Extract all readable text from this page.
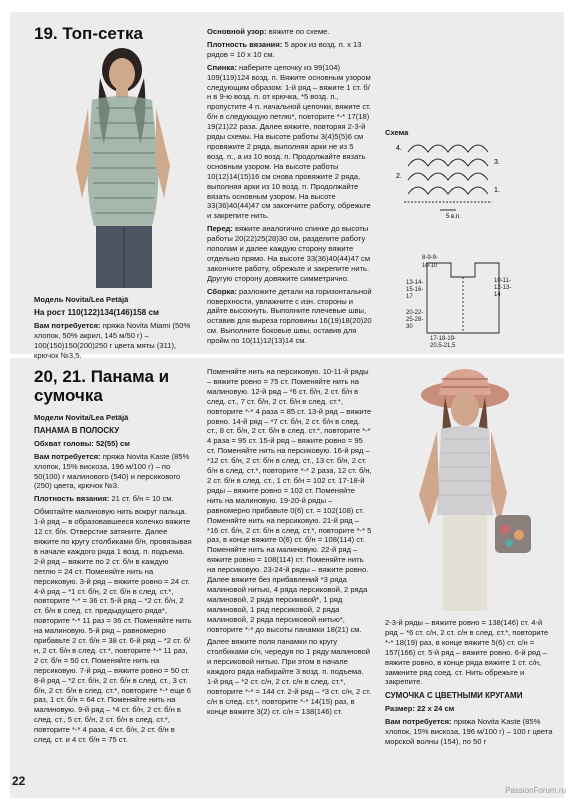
19. Топ-сетка

Модель Novita/Lea Petäjä

На рост 110(122)134(146)158 см

Вам потребуется: пряжа Novita Miami (50% хлопок, 50% акрил, 145 м/50 г) – 100(150)150(200)250 г цвета мяты (311), крючок №3,5.

Основной узор: вяжите по схеме.

Плотность вязания: 5 арок из возд. п. х 13 рядов = 10 х 10 см.

Спинка: наберите цепочку из 99(104) 109(119)124 возд. п. Вяжите основным узором следующим образом: 1-й ряд – вяжите 1 ст. б/н в 9-ю возд. п. от крючка, *5 возд. п., пропустите 4 п. начальной цепочки, вяжите ст. б/н в следующую петлю*, повторите *-* 17(18) 19(21)22 раза. Далее вяжите, повторяя 2-3-й ряды схемы. На высоте работы 3(4)5(5)6 см провяжите 2 ряда, выполняя арки не из 5 возд. п., а из 10 возд. п. Продолжайте вязать основным узором. На высоте работы 10(12)14(15)16 см снова провяжите 2 ряда, выполняя арки из 10 возд. п. Продолжайте вязать основным узором. На высоте 33(36)40(44)47 см закончите работу, обрежьте и закрепите нить.

Перед: вяжите аналогично спинке до высоты работы 20(22)25(28)30 см, разделите работу пополам и далее каждую сторону вяжите отдельно прямо. На высоте 33(36)40(44)47 см закончите работу, обрежьте и закрепите нить. Другую сторону довяжите симметрично.

Сборка: разложите детали на горизонтальной поверхности, увлажните с изн. стороны и дайте высохнуть. Выполните плечевые швы, оставив для выреза горловины 16(19)18(20)20 см. Выполните боковые швы, оставив для пройм по 10(11)12(13)14 см.

Схема

4.
3.
2.
1.
5 в.п.
8-9-9-
10-10
13-14-
15-16-
17
10-11-
12-13-
14
20-22-
25-28-
30
17-18-19-
20,5-21,5
20, 21. Панама и сумочка

Модели Novita/Lea Petäjä

ПАНАМА В ПОЛОСКУ

Обхват головы: 52(55) см

Вам потребуется: пряжа Novita Kaste (85% хлопок, 15% вискоза, 196 м/100 г) – по 50(100) г малинового (540) и персикового (250) цвета, крючок №3.

Плотность вязания: 21 ст. б/н = 10 см.

Обмотайте малиновую нить вокруг пальца. 1-й ряд – в образовавшееся колечко вяжите 12 ст. б/н. Отверстие затяните. Далее вяжите по кругу столбиками б/н, провязывая в начале каждого ряда 1 возд. п. подъема. 2-й ряд – вяжите по 2 ст. б/н в каждую петлю = 24 ст. Поменяйте нить на персиковую. 3-й ряд – вяжите ровно = 24 ст. 4-й ряд – *1 ст. б/н, 2 ст. б/н в след. ст.*, повторите *-* = 36 ст. 5-й ряд – *2 ст. б/н, 2 ст. б/н в след. ст. предыдущего ряда*, повторите *-* 11 раз = 36 ст. Поменяйте нить на малиновую. 5-й ряд – равномерно прибавьте 2 ст. б/н = 38 ст. 6-й ряд – *2 ст. б/н, 2 ст. б/н в след. ст.*, повторите *-* 11 раз, 2 ст. б/н = 50 ст. Поменяйте нить на персиковую. 7-й ряд – вяжите ровно = 50 ст. 8-й ряд – *2 ст. б/н, 2 ст. б/н в след. ст., 3 ст. б/н, 2 ст. б/н в след. ст.*, повторите *-* еще 6 раз, 1 ст. б/н = 64 ст. Поменяйте нить на малиновую. 9-й ряд – *4 ст. б/н, 2 ст. б/н в след. ст., 5 ст. б/н, 2 ст. б/н в след. ст.*, повторите *-* 4 раза, 4 ст. б/н, 2 ст. б/н в след. ст. и 4 ст. б/н = 75 ст.

Поменяйте нить на персиковую. 10-11-й ряды – вяжите ровно = 75 ст. Поменяйте нить на малиновую. 12-й ряд – *6 ст. б/н, 2 ст. б/н в след. ст., 7 ст. б/н, 2 ст. б/н в след. ст.*, повторите *-* 4 раза = 85 ст. 13-й ряд – вяжите ровно. 14-й ряд – *7 ст. б/н, 2 ст. б/н в след. ст., 8 ст. б/н, 2 ст. б/н в след. ст.*, повторите *-* 4 раза = 95 ст. 15-й ряд – вяжите ровно = 95 ст. Поменяйте нить на персиковую. 16-й ряд – *12 ст. б/н, 2 ст. б/н в след. ст., 13 ст. б/н, 2 ст. б/н в след. ст.*, повторите *-* 2 раза, 12 ст. б/н, 2 ст. б/н в след. ст., 1 ст. б/н = 102 ст. 17-18-й ряды – вяжите ровно = 102 ст. Поменяйте нить на малиновую. 19-20-й ряды – равномерно прибавьте 0(6) ст. = 102(108) ст. Поменяйте нить на персиковую. 21-й ряд – *16 ст. б/н, 2 ст. б/н в след. ст.*, повторите *-* 5 раз, в конце вяжите 0(6) ст. б/н = 108(114) ст. Поменяйте нить на малиновую. 22-й ряд – вяжите ровно = 108(114) ст. Поменяйте нить на персиковую. 23-24-й ряды – вяжите ровно. Далее вяжите без прибавлений *3 ряда малиновой нитью, 4 ряда персиковой, 2 ряда малиновой, 2 ряда персиковой*, 1 ряд малиновой, 1 ряд персиковой, 2 ряда малиновой, 2 ряда персиковой нитью*, повторите *-* до высоты панамки 18(21) см.

Далее вяжите поля панамки по кругу столбиками с/н, чередуя по 1 ряду малиновой и персиковой нитью. При этом в начале каждого ряда набирайте 3 возд. п. подъема. 1-й ряд – *2 ст. с/н, 2 ст. с/н в след. ст.*, повторите *-* = 144 ст. 2-й ряд – *3 ст. с/н, 2 ст. с/н в след. ст.*, повторите *-* 14(15) раз, в конце вяжите 3(2) ст. с/н = 138(146) ст.

2-3-й ряды – вяжите ровно = 138(146) ст. 4-й ряд – *6 ст. с/н, 2 ст. с/н в след. ст.*, повторите *-* 18(19) раз, в конце вяжите 5(6) ст. с/н = 157(166) ст. 5-й ряд – вяжите ровно. 6-й ряд – вяжите ровно, в конце ряда вяжите 1 ст. с/н, замкните ряд соед. ст. Нить обрежьте и закрепите.

СУМОЧКА С ЦВЕТНЫМИ КРУГАМИ

Размер: 22 х 24 см

Вам потребуется: пряжа Novita Kaste (85% хлопок, 15% вискоза, 196 м/100 г) – 100 г цвета морской волны (154), по 50 г

22
PassionForum.ru
